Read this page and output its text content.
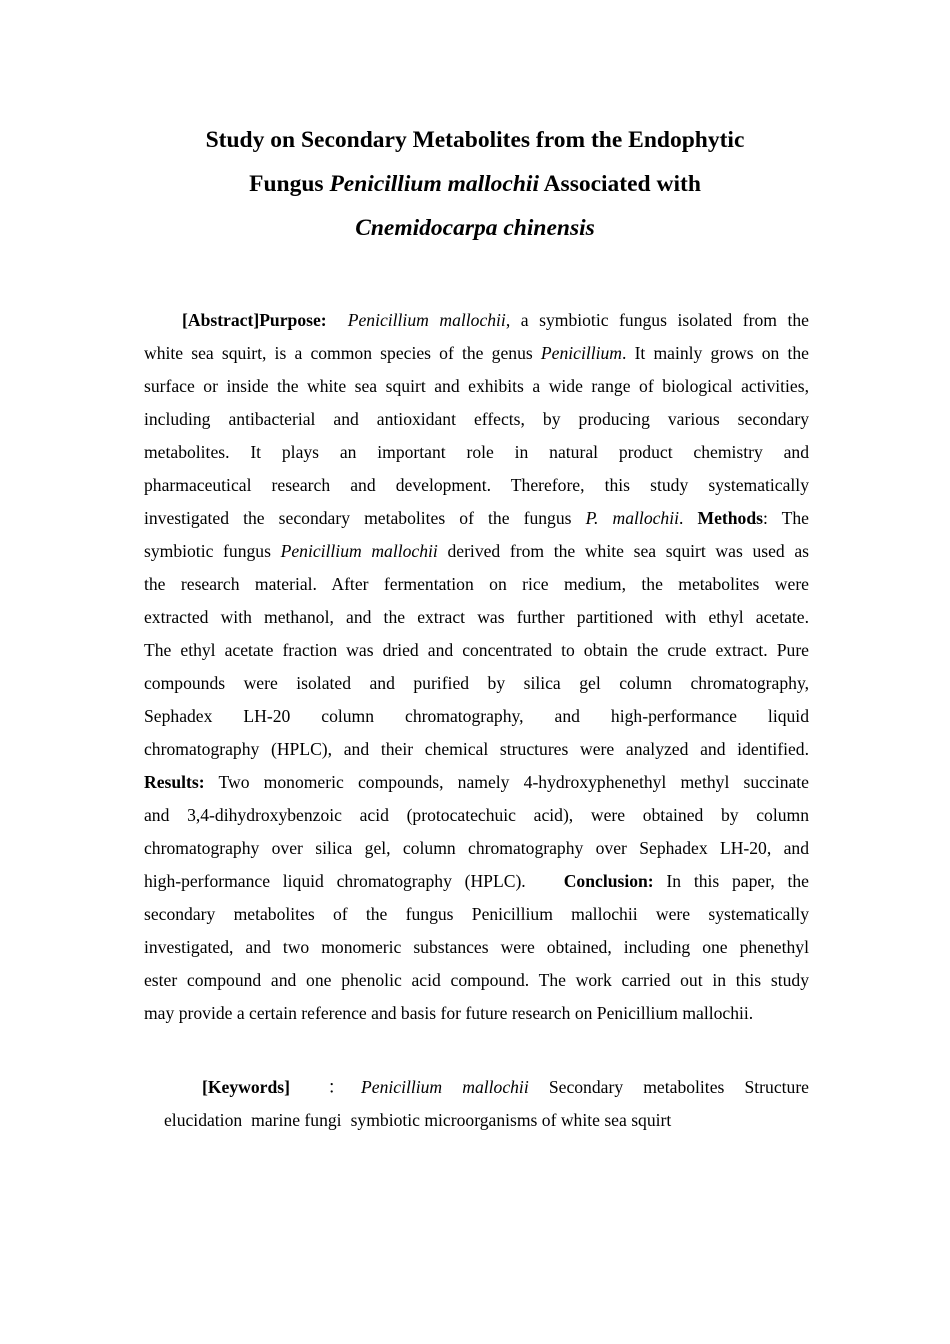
Study on Secondary Metabolites from the Endophytic
Fungus Penicillium mallochii Associated with
Cnemidocarpa chinensis
[Abstract]Purpose: Penicillium mallochii, a symbiotic fungus isolated from the
white sea squirt, is a common species of the genus Penicillium. It mainly grows on the
surface or inside the white sea squirt and exhibits a wide range of biological activities,
including antibacterial and antioxidant effects, by producing various secondary
metabolites. It plays an important role in natural product chemistry and
pharmaceutical research and development. Therefore, this study systematically
investigated the secondary metabolites of the fungus P. mallochii. Methods: The
symbiotic fungus Penicillium mallochii derived from the white sea squirt was used as
the research material. After fermentation on rice medium, the metabolites were
extracted with methanol, and the extract was further partitioned with ethyl acetate.
The ethyl acetate fraction was dried and concentrated to obtain the crude extract. Pure
compounds were isolated and purified by silica gel column chromatography,
Sephadex LH-20 column chromatography, and high-performance liquid
chromatography (HPLC), and their chemical structures were analyzed and identified.
Results: Two monomeric compounds, namely 4-hydroxyphenethyl methyl succinate
and 3,4-dihydroxybenzoic acid (protocatechuic acid), were obtained by column
chromatography over silica gel, column chromatography over Sephadex LH-20, and
high-performance liquid chromatography (HPLC). Conclusion: In this paper, the
secondary metabolites of the fungus Penicillium mallochii were systematically
investigated, and two monomeric substances were obtained, including one phenethyl
ester compound and one phenolic acid compound. The work carried out in this study
may provide a certain reference and basis for future research on Penicillium mallochii.
[Keywords] ：Penicillium mallochii Secondary metabolites Structure
elucidation marine fungi symbiotic microorganisms of white sea squirt
